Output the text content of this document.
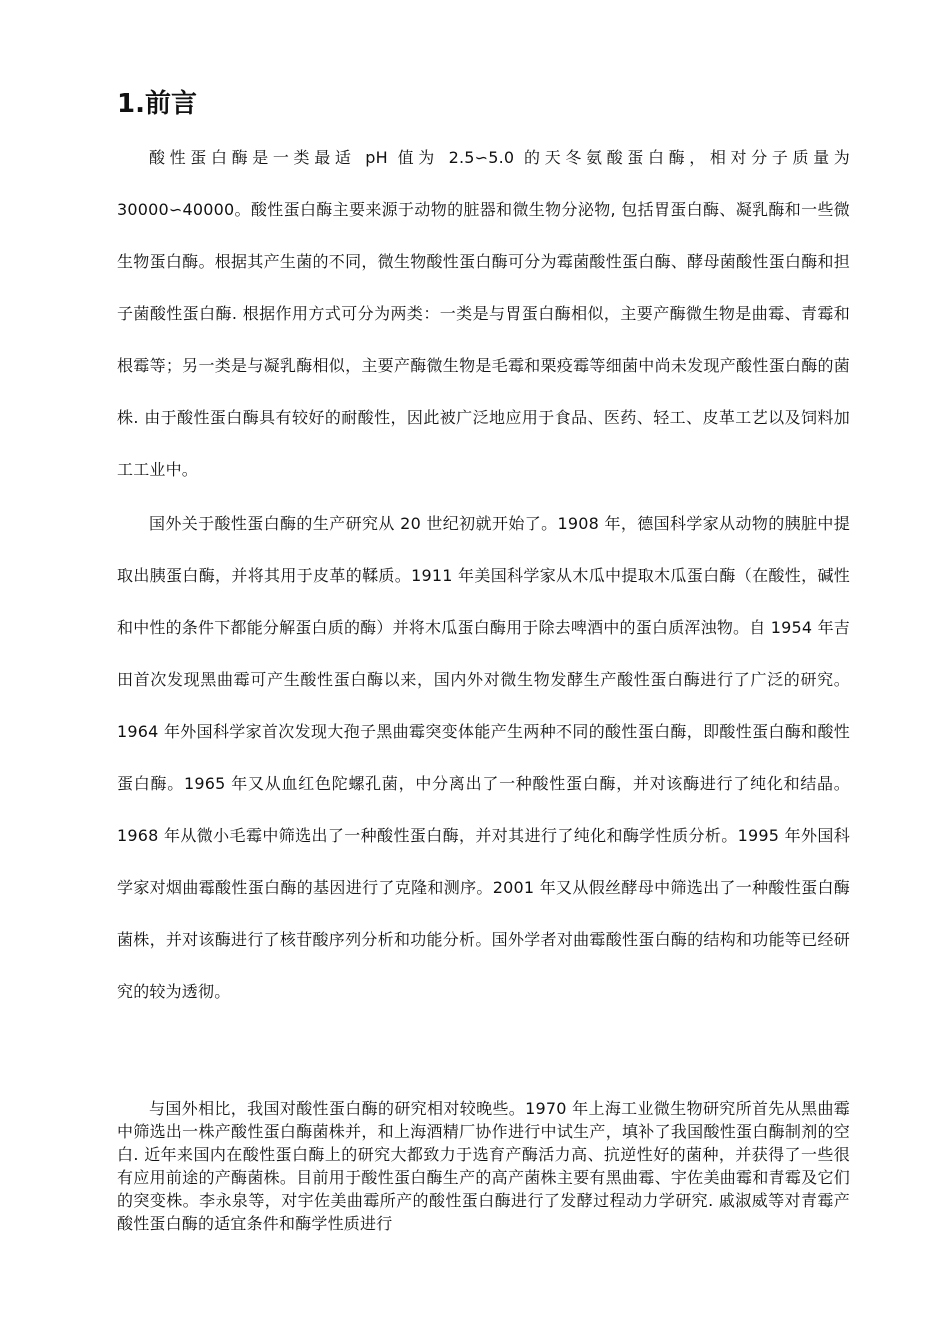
1.前言

酸性蛋白酶是一类最适 pH 值为 2.5∽5.0 的天冬氨酸蛋白酶，相对分子质量为 30000∽40000。酸性蛋白酶主要来源于动物的脏器和微生物分泌物, 包括胃蛋白酶、凝乳酶和一些微生物蛋白酶。根据其产生菌的不同，微生物酸性蛋白酶可分为霉菌酸性蛋白酶、酵母菌酸性蛋白酶和担子菌酸性蛋白酶. 根据作用方式可分为两类：一类是与胃蛋白酶相似，主要产酶微生物是曲霉、青霉和根霉等；另一类是与凝乳酶相似，主要产酶微生物是毛霉和栗疫霉等细菌中尚未发现产酸性蛋白酶的菌株. 由于酸性蛋白酶具有较好的耐酸性，因此被广泛地应用于食品、医药、轻工、皮革工艺以及饲料加工工业中。

国外关于酸性蛋白酶的生产研究从 20 世纪初就开始了。1908 年，德国科学家从动物的胰脏中提取出胰蛋白酶，并将其用于皮革的鞣质。1911 年美国科学家从木瓜中提取木瓜蛋白酶（在酸性，碱性和中性的条件下都能分解蛋白质的酶）并将木瓜蛋白酶用于除去啤酒中的蛋白质浑浊物。自 1954 年吉田首次发现黑曲霉可产生酸性蛋白酶以来，国内外对微生物发酵生产酸性蛋白酶进行了广泛的研究。1964 年外国科学家首次发现大孢子黑曲霉突变体能产生两种不同的酸性蛋白酶，即酸性蛋白酶和酸性蛋白酶。1965 年又从血红色陀螺孔菌，中分离出了一种酸性蛋白酶，并对该酶进行了纯化和结晶。1968 年从微小毛霉中筛选出了一种酸性蛋白酶，并对其进行了纯化和酶学性质分析。1995 年外国科学家对烟曲霉酸性蛋白酶的基因进行了克隆和测序。2001 年又从假丝酵母中筛选出了一种酸性蛋白酶菌株，并对该酶进行了核苷酸序列分析和功能分析。国外学者对曲霉酸性蛋白酶的结构和功能等已经研究的较为透彻。

与国外相比，我国对酸性蛋白酶的研究相对较晚些。1970 年上海工业微生物研究所首先从黑曲霉中筛选出一株产酸性蛋白酶菌株并，和上海酒精厂协作进行中试生产，填补了我国酸性蛋白酶制剂的空白. 近年来国内在酸性蛋白酶上的研究大都致力于选育产酶活力高、抗逆性好的菌种，并获得了一些很有应用前途的产酶菌株。目前用于酸性蛋白酶生产的高产菌株主要有黑曲霉、宇佐美曲霉和青霉及它们的突变株。李永泉等，对宇佐美曲霉所产的酸性蛋白酶进行了发酵过程动力学研究. 戚淑威等对青霉产酸性蛋白酶的适宜条件和酶学性质进行
